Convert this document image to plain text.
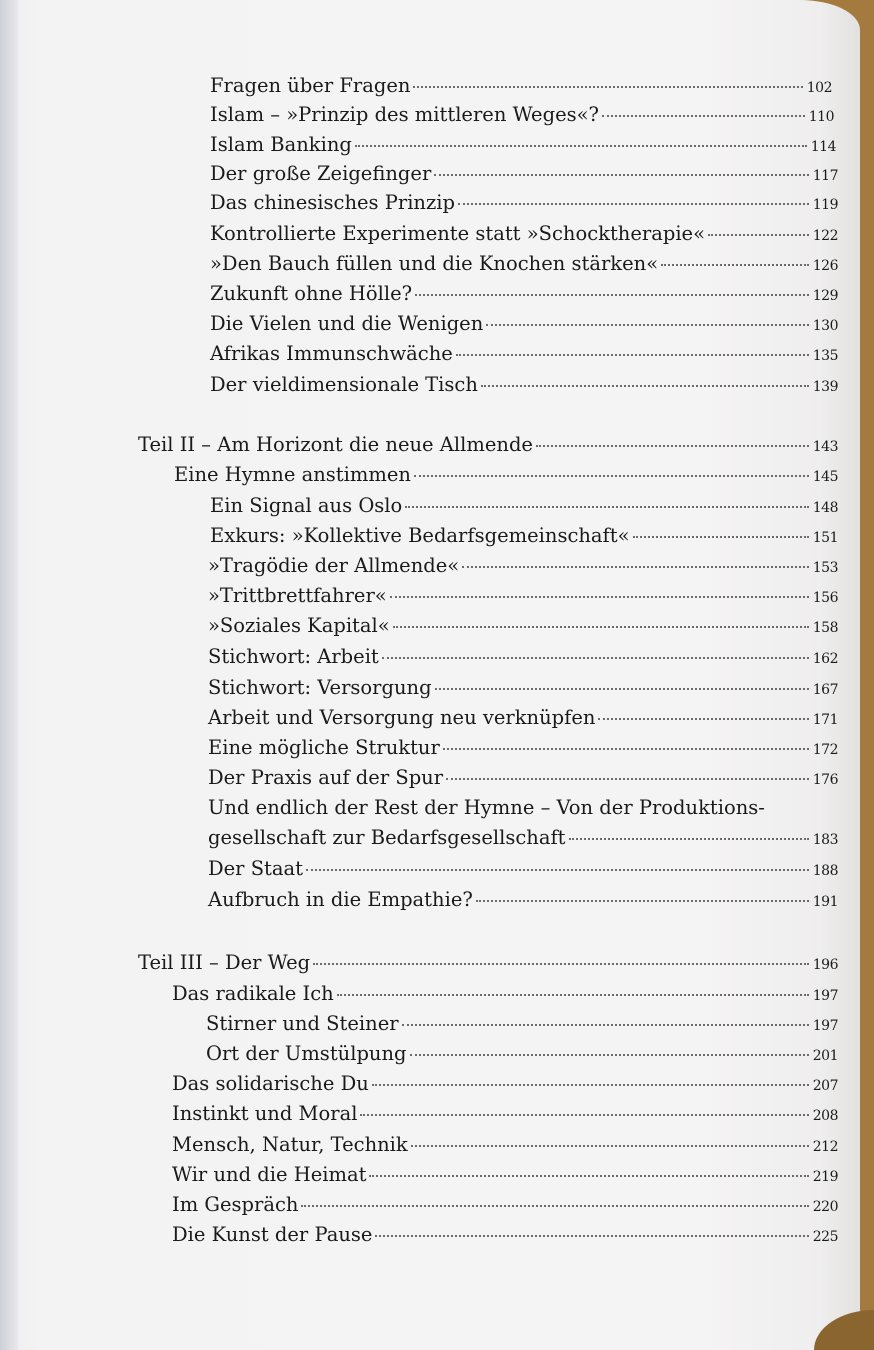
Fragen über Fragen	102
Islam – »Prinzip des mittleren Weges«?	110
Islam Banking	114
Der große Zeigefinger	117
Das chinesisches Prinzip	119
Kontrollierte Experimente statt »Schocktherapie«	122
»Den Bauch füllen und die Knochen stärken«	126
Zukunft ohne Hölle?	129
Die Vielen und die Wenigen	130
Afrikas Immunschwäche	135
Der vieldimensionale Tisch	139
Teil II – Am Horizont die neue Allmende	143
Eine Hymne anstimmen	145
Ein Signal aus Oslo	148
Exkurs: »Kollektive Bedarfsgemeinschaft«	151
»Tragödie der Allmende«	153
»Trittbrettfahrer«	156
»Soziales Kapital«	158
Stichwort: Arbeit	162
Stichwort: Versorgung	167
Arbeit und Versorgung neu verknüpfen	171
Eine mögliche Struktur	172
Der Praxis auf der Spur	176
Und endlich der Rest der Hymne – Von der Produktions-
gesellschaft zur Bedarfsgesellschaft	183
Der Staat	188
Aufbruch in die Empathie?	191
Teil III – Der Weg	196
Das radikale Ich	197
Stirner und Steiner	197
Ort der Umstülpung	201
Das solidarische Du	207
Instinkt und Moral	208
Mensch, Natur, Technik	212
Wir und die Heimat	219
Im Gespräch	220
Die Kunst der Pause	225
